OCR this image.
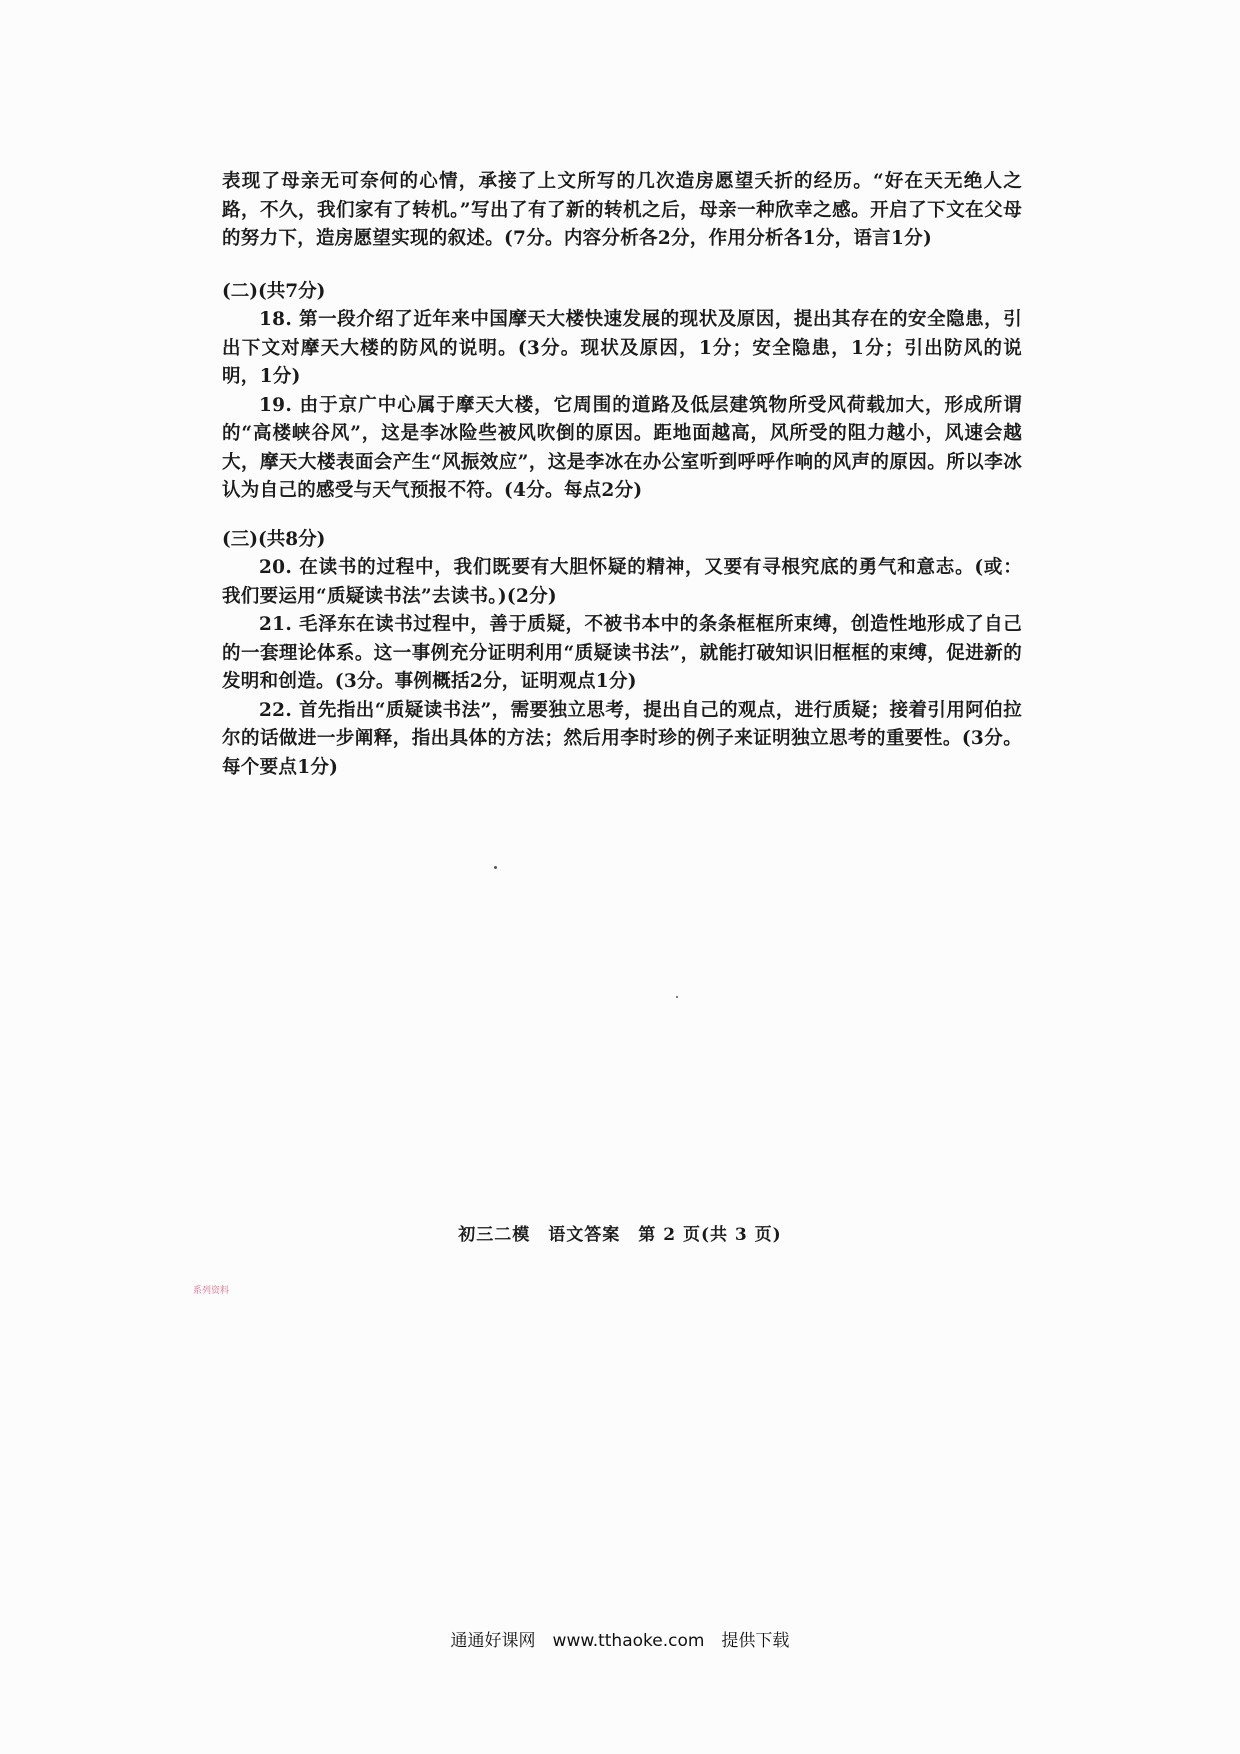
表现了母亲无可奈何的心情，承接了上文所写的几次造房愿望夭折的经历。“好在天无绝人之路，不久，我们家有了转机。”写出了有了新的转机之后，母亲一种欣幸之感。开启了下文在父母的努力下，造房愿望实现的叙述。(7分。内容分析各2分，作用分析各1分，语言1分)

(二)(共7分)

18. 第一段介绍了近年来中国摩天大楼快速发展的现状及原因，提出其存在的安全隐患，引出下文对摩天大楼的防风的说明。(3分。现状及原因，1分；安全隐患，1分；引出防风的说明，1分)

19. 由于京广中心属于摩天大楼，它周围的道路及低层建筑物所受风荷载加大，形成所谓的“高楼峡谷风”，这是李冰险些被风吹倒的原因。距地面越高，风所受的阻力越小，风速会越大，摩天大楼表面会产生“风振效应”，这是李冰在办公室听到呼呼作响的风声的原因。所以李冰认为自己的感受与天气预报不符。(4分。每点2分)

(三)(共8分)

20. 在读书的过程中，我们既要有大胆怀疑的精神，又要有寻根究底的勇气和意志。(或：我们要运用“质疑读书法”去读书。)(2分)

21. 毛泽东在读书过程中，善于质疑，不被书本中的条条框框所束缚，创造性地形成了自己的一套理论体系。这一事例充分证明利用“质疑读书法”，就能打破知识旧框框的束缚，促进新的发明和创造。(3分。事例概括2分，证明观点1分)

22. 首先指出“质疑读书法”，需要独立思考，提出自己的观点，进行质疑；接着引用阿伯拉尔的话做进一步阐释，指出具体的方法；然后用李时珍的例子来证明独立思考的重要性。(3分。每个要点1分)

初三二模　语文答案　第 2 页(共 3 页)
系列资料
通通好课网　www.tthaoke.com　提供下载
